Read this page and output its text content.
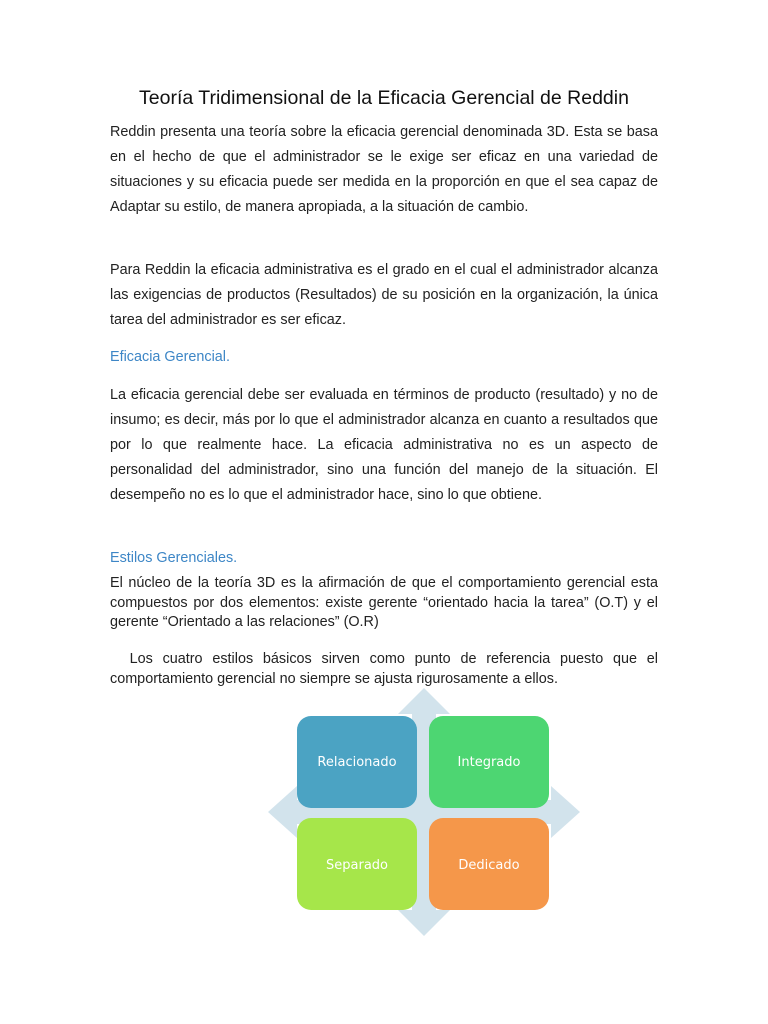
Teoría Tridimensional de la Eficacia Gerencial de Reddin

Reddin presenta una teoría sobre la eficacia gerencial denominada 3D. Esta se basa en el hecho de que el administrador se le exige ser eficaz en una variedad de situaciones y su eficacia puede ser medida en la proporción en que el sea capaz de Adaptar su estilo, de manera apropiada, a la situación de cambio.

Para Reddin la eficacia administrativa es el grado en el cual el administrador alcanza las exigencias de productos (Resultados) de su posición en la organización, la única tarea del administrador es ser eficaz.

Eficacia Gerencial.

La eficacia gerencial debe ser evaluada en términos de producto (resultado) y no de insumo; es decir, más por lo que el administrador alcanza en cuanto a resultados que por lo que realmente hace. La eficacia administrativa no es un aspecto de personalidad del administrador, sino una función del manejo de la situación. El desempeño no es lo que el administrador hace, sino lo que obtiene.

Estilos Gerenciales.

El núcleo de la teoría 3D es la afirmación de que el comportamiento gerencial esta compuestos por dos elementos: existe gerente “orientado hacia la tarea” (O.T) y el gerente “Orientado a las relaciones” (O.R)

Los cuatro estilos básicos sirven como punto de referencia puesto que el comportamiento gerencial no siempre se ajusta rigurosamente a ellos.

Relacionado	Integrado
Separado	Dedicado
